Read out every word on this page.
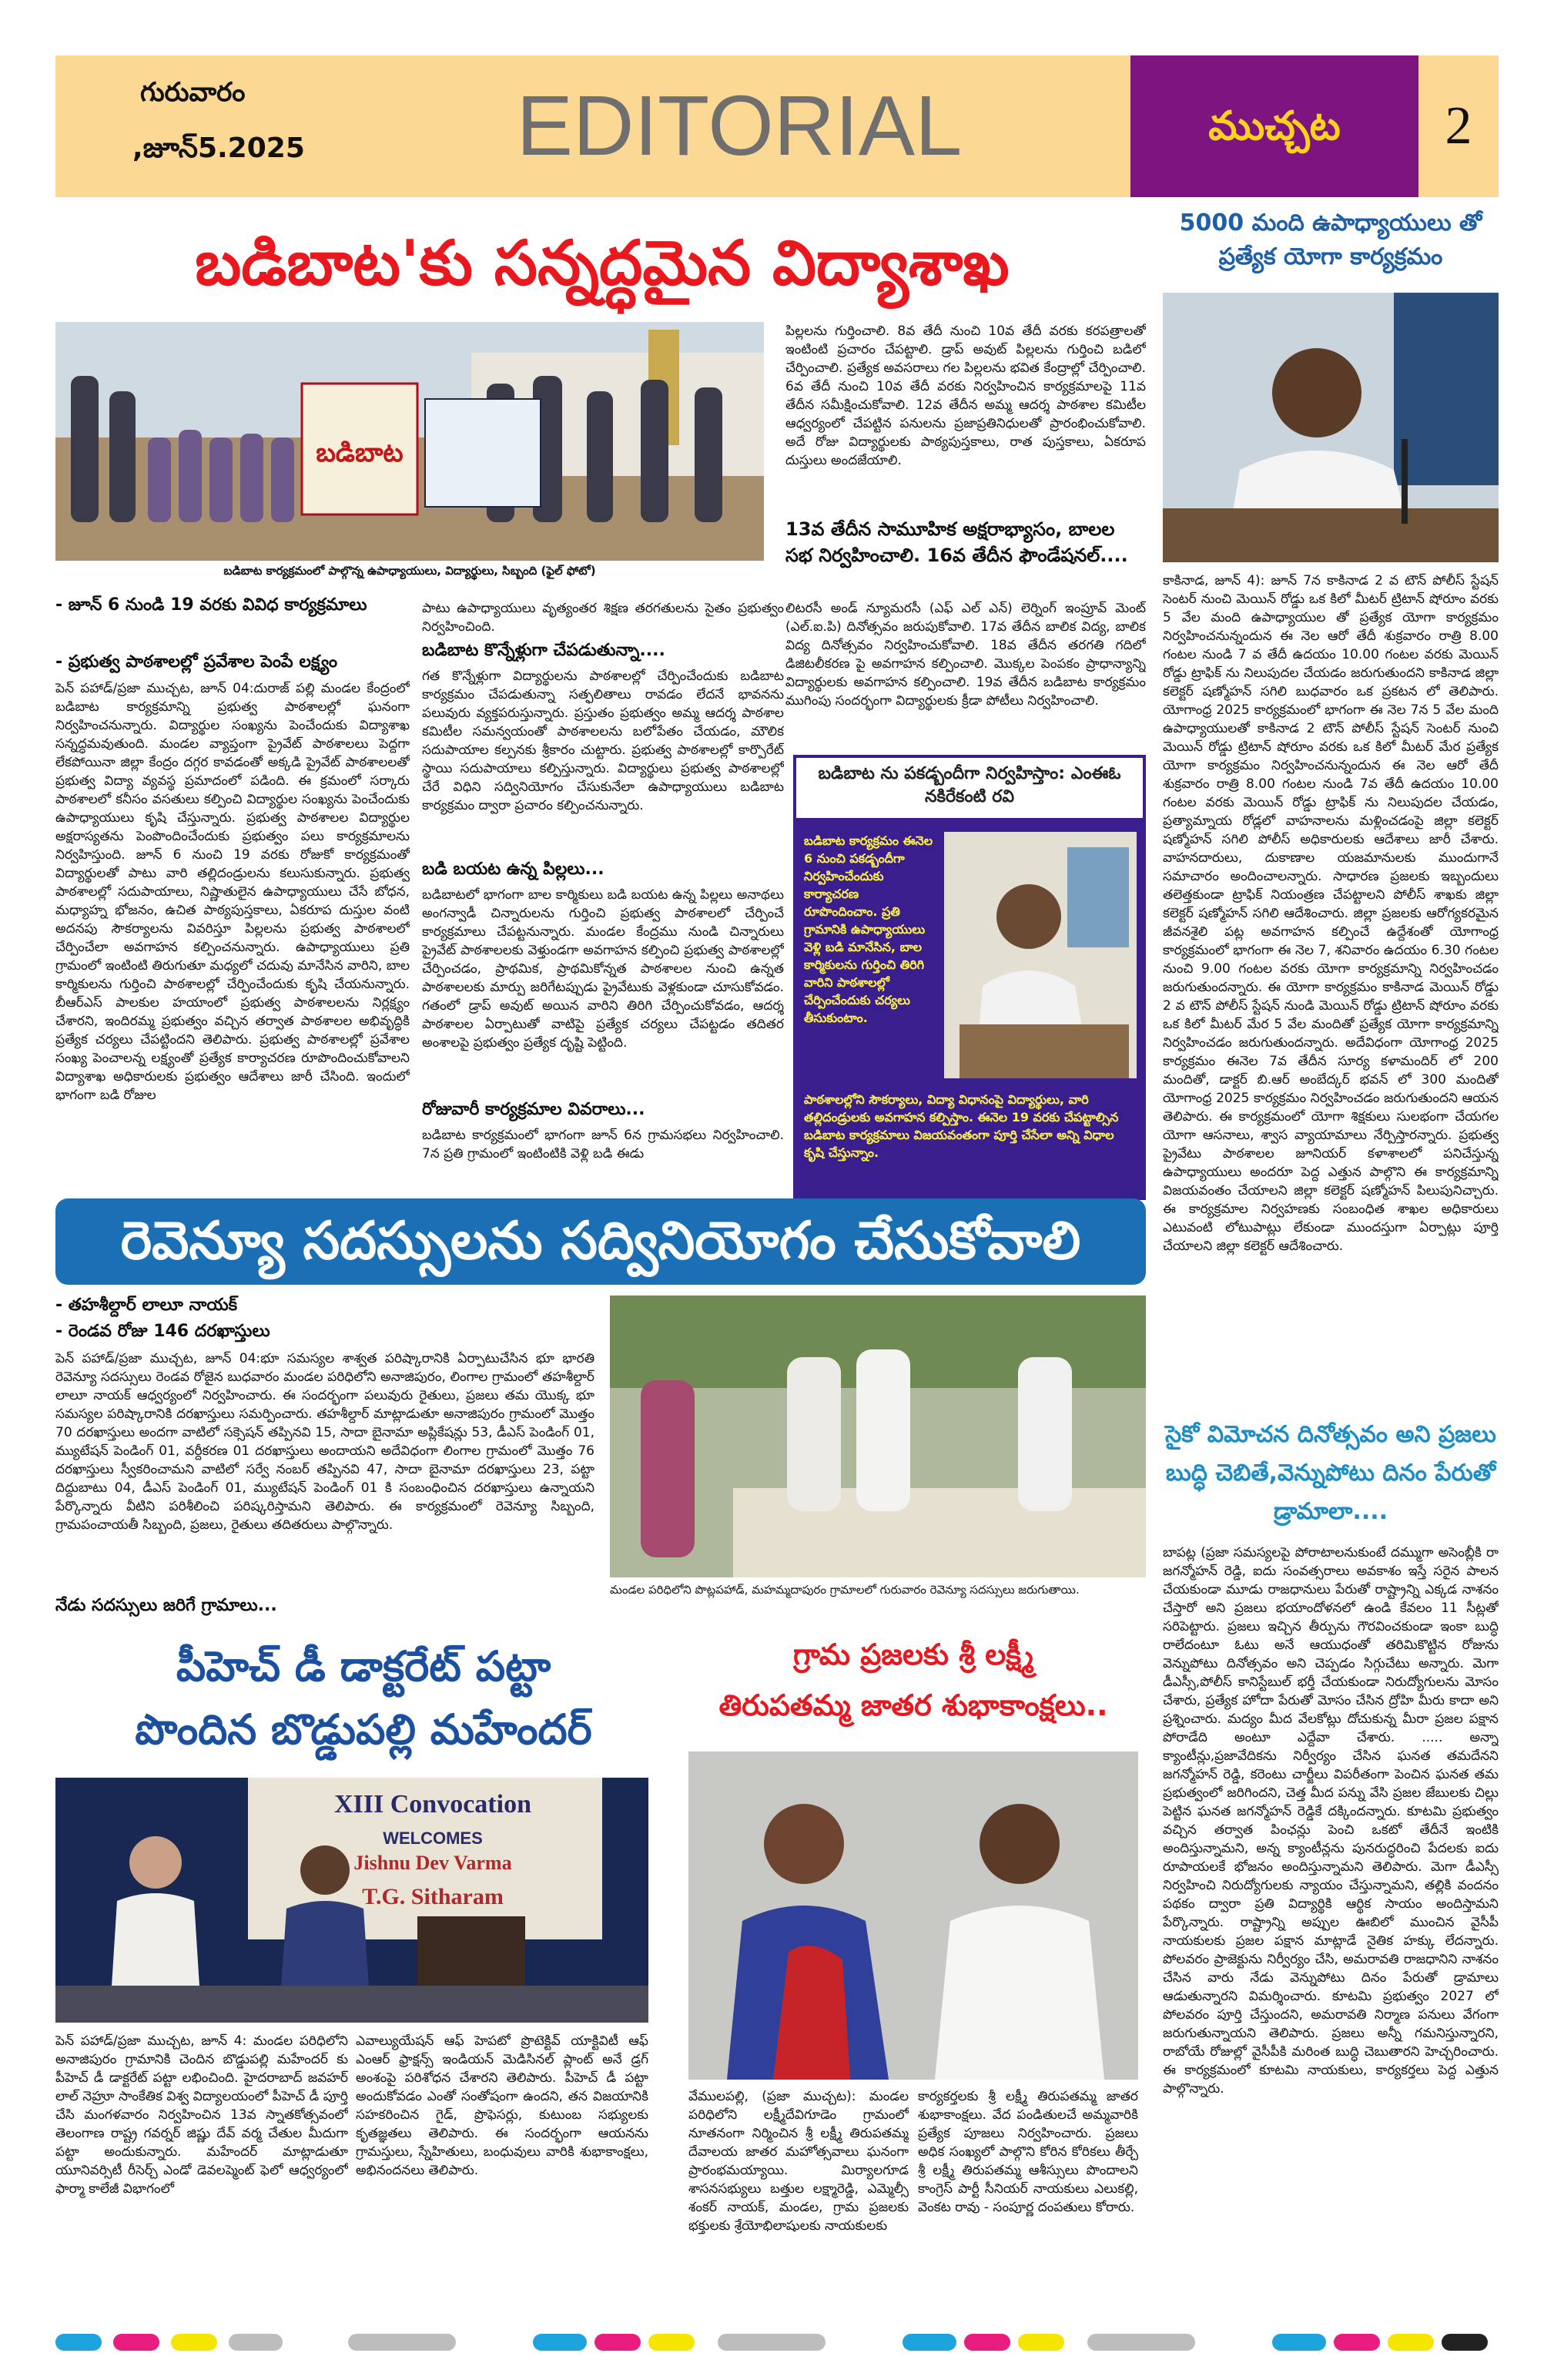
గురువారం
,జూన్5.2025	EDITORIAL	ముచ్చట	2
బడిబాట'కు సన్నద్ధమైన విద్యాశాఖ
బడిబాట
బడిబాట కార్యక్రమంలో పాల్గొన్న ఉపాధ్యాయులు, విద్యార్థులు, సిబ్బంది (ఫైల్ ఫోటో)
పిల్లలను గుర్తించాలి. 8వ తేదీ నుంచి 10వ తేదీ వరకు కరపత్రాలతో ఇంటింటి ప్రచారం చేపట్టాలి. డ్రాప్ అవుట్ పిల్లలను గుర్తించి బడిలో చేర్పించాలి. ప్రత్యేక అవసరాలు గల పిల్లలను భవిత కేంద్రాల్లో చేర్పించాలి. 6వ తేదీ నుంచి 10వ తేదీ వరకు నిర్వహించిన కార్యక్రమాలపై 11వ తేదీన సమీక్షించుకోవాలి. 12వ తేదీన అమ్మ ఆదర్శ పాఠశాల కమిటీల ఆధ్వర్యంలో చేపట్టిన పనులను ప్రజాప్రతినిధులతో ప్రారంభించుకోవాలి. అదే రోజు విద్యార్థులకు పాఠ్యపుస్తకాలు, రాత పుస్తకాలు, ఏకరూప దుస్తులు అందజేయాలి.
13వ తేదీన సామూహిక అక్షరాభ్యాసం, బాలల సభ నిర్వహించాలి. 16వ తేదీన ఫౌండేషనల్....
లిటరసీ అండ్ న్యూమరసీ (ఎఫ్ ఎల్ ఎన్) లెర్నింగ్ ఇంప్రూవ్ మెంట్ (ఎల్.ఐ.పి) దినోత్సవం జరుపుకోవాలి. 17వ తేదీన బాలిక విద్య, బాలిక విద్య దినోత్సవం నిర్వహించుకోవాలి. 18వ తేదీన తరగతి గదిలో డిజిటలీకరణ పై అవగాహన కల్పించాలి. మొక్కల పెంపకం ప్రాధాన్యాన్ని విద్యార్థులకు అవగాహన కల్పించాలి. 19వ తేదీన బడిబాట కార్యక్రమం ముగింపు సందర్భంగా విద్యార్థులకు క్రీడా పోటీలు నిర్వహించాలి.
- జూన్ 6 నుండి 19 వరకు వివిధ కార్యక్రమాలు
- ప్రభుత్వ పాఠశాలల్లో ప్రవేశాల పెంపే లక్ష్యం
పెన్ పహాడ్/ప్రజా ముచ్చట, జూన్ 04:దురాజ్ పల్లి మండల కేంద్రంలో బడిబాట కార్యక్రమాన్ని ప్రభుత్వ పాఠశాలల్లో ఘనంగా నిర్వహించనున్నారు. విద్యార్థుల సంఖ్యను పెంచేందుకు విద్యాశాఖ సన్నద్ధమవుతుంది. మండల వ్యాప్తంగా ప్రైవేట్ పాఠశాలలు పెద్దగా లేకపోయినా జిల్లా కేంద్రం దగ్గర కావడంతో అక్కడి ప్రైవేట్ పాఠశాలలతో ప్రభుత్వ విద్యా వ్యవస్థ ప్రమాదంలో పడింది. ఈ క్రమంలో సర్కారు పాఠశాలలో కనీసం వసతులు కల్పించి విద్యార్థుల సంఖ్యను పెంచేందుకు ఉపాధ్యాయులు కృషి చేస్తున్నారు. ప్రభుత్వ పాఠశాలల విద్యార్థుల అక్షరాస్యతను పెంపొందించేందుకు ప్రభుత్వం పలు కార్యక్రమాలను నిర్వహిస్తుంది. జూన్ 6 నుంచి 19 వరకు రోజుకో కార్యక్రమంతో విద్యార్థులతో పాటు వారి తల్లిదండ్రులను కలుసుకున్నారు. ప్రభుత్వ పాఠశాలల్లో సదుపాయాలు, నిష్ణాతులైన ఉపాధ్యాయులు చేసే బోధన, మధ్యాహ్న భోజనం, ఉచిత పాఠ్యపుస్తకాలు, ఏకరూప దుస్తుల వంటి అదనపు సౌకర్యాలను వివరిస్తూ పిల్లలను ప్రభుత్వ పాఠశాలలో చేర్పించేలా అవగాహన కల్పించనున్నారు. ఉపాధ్యాయులు ప్రతి గ్రామంలో ఇంటింటి తిరుగుతూ మధ్యలో చదువు మానేసిన వారిని, బాల కార్మికులను గుర్తించి పాఠశాలల్లో చేర్పించేందుకు కృషి చేయనున్నారు. బీఆర్ఎస్ పాలకుల హయాంలో ప్రభుత్వ పాఠశాలలను నిర్లక్ష్యం చేశారని, ఇందిరమ్మ ప్రభుత్వం వచ్చిన తర్వాత పాఠశాలల అభివృద్ధికి ప్రత్యేక చర్యలు చేపట్టిందని తెలిపారు. ప్రభుత్వ పాఠశాలల్లో ప్రవేశాల సంఖ్య పెంచాలన్న లక్ష్యంతో ప్రత్యేక కార్యాచరణ రూపొందించుకోవాలని విద్యాశాఖ అధికారులకు ప్రభుత్వం ఆదేశాలు జారీ చేసింది. ఇందులో భాగంగా బడి రోజుల
పాటు ఉపాధ్యాయులు వృత్యంతర శిక్షణ తరగతులను సైతం ప్రభుత్వం నిర్వహించింది.
బడిబాట కొన్నేళ్లుగా చేపడుతున్నా....
గత కొన్నేళ్లుగా విద్యార్థులను పాఠశాలల్లో చేర్పించేందుకు బడిబాట కార్యక్రమం చేపడుతున్నా సత్ఫలితాలు రావడం లేదనే భావనను పలువురు వ్యక్తపరుస్తున్నారు. ప్రస్తుతం ప్రభుత్వం అమ్మ ఆదర్శ పాఠశాల కమిటీల సమన్వయంతో పాఠశాలలను బలోపేతం చేయడం, మౌలిక సదుపాయాల కల్పనకు శ్రీకారం చుట్టారు. ప్రభుత్వ పాఠశాలల్లో కార్పొరేట్ స్థాయి సదుపాయాలు కల్పిస్తున్నారు. విద్యార్థులు ప్రభుత్వ పాఠశాలల్లో చేరే విధిని సద్వినియోగం చేసుకునేలా ఉపాధ్యాయులు బడిబాట కార్యక్రమం ద్వారా ప్రచారం కల్పించనున్నారు.
బడి బయట ఉన్న పిల్లలు...
బడిబాటలో భాగంగా బాల కార్మికులు బడి బయట ఉన్న పిల్లలు అనాథలు అంగన్వాడీ చిన్నారులను గుర్తించి ప్రభుత్వ పాఠశాలలో చేర్పించే కార్యక్రమాలు చేపట్టనున్నారు. మండల కేంద్రము నుండి చిన్నారులు ప్రైవేట్ పాఠశాలలకు వెళ్తుండగా అవగాహన కల్పించి ప్రభుత్వ పాఠశాలల్లో చేర్పించడం, ప్రాథమిక, ప్రాథమికోన్నత పాఠశాలల నుంచి ఉన్నత పాఠశాలలకు మార్పు జరిగేటప్పుడు ప్రైవేటుకు వెళ్లకుండా చూసుకోవడం. గతంలో డ్రాప్ అవుట్ అయిన వారిని తిరిగి చేర్పించుకోవడం, ఆదర్శ పాఠశాలల ఏర్పాటుతో వాటిపై ప్రత్యేక చర్యలు చేపట్టడం తదితర అంశాలపై ప్రభుత్వం ప్రత్యేక దృష్టి పెట్టింది.
రోజువారీ కార్యక్రమాల వివరాలు...
బడిబాట కార్యక్రమంలో భాగంగా జూన్ 6న గ్రామసభలు నిర్వహించాలి. 7న ప్రతి గ్రామంలో ఇంటింటికి వెళ్లి బడి ఈడు
బడిబాట ను పకడ్బందీగా నిర్వహిస్తాం: ఎంఈఓ నకిరేకంటి రవి
బడిబాట కార్యక్రమం ఈనెల 6 నుంచి పకడ్బందీగా నిర్వహించేందుకు కార్యాచరణ రూపొందించాం. ప్రతి గ్రామానికి ఉపాధ్యాయులు వెళ్లి బడి మానేసిన, బాల కార్మికులను గుర్తించి తిరిగి వారిని పాఠశాలల్లో చేర్పించేందుకు చర్యలు తీసుకుంటాం.
పాఠశాలల్లోని సౌకర్యాలు, విద్యా విధానంపై విద్యార్థులు, వారి తల్లిదండ్రులకు అవగాహన కల్పిస్తాం. ఈనెల 19 వరకు చేపట్టాల్సిన బడిబాట కార్యక్రమాలు విజయవంతంగా పూర్తి చేసేలా అన్ని విధాల కృషి చేస్తున్నాం.
5000 మంది ఉపాధ్యాయులు తో ప్రత్యేక యోగా కార్యక్రమం
కాకినాడ, జూన్ 4): జూన్ 7న కాకినాడ 2 వ టౌన్ పోలీస్ స్టేషన్ సెంటర్ నుంచి మెయిన్ రోడ్డు ఒక కిలో మీటర్ ట్రిటాన్ షోరూం వరకు 5 వేల మంది ఉపాధ్యాయుల తో ప్రత్యేక యోగా కార్యక్రమం నిర్వహించనున్నందున ఈ నెల ఆరో తేదీ శుక్రవారం రాత్రి 8.00 గంటల నుండి 7 వ తేదీ ఉదయం 10.00 గంటల వరకు మెయిన్ రోడ్డు ట్రాఫిక్ ను నిలుపుదల చేయడం జరుగుతుందని కాకినాడ జిల్లా కలెక్టర్ షణ్మోహన్ సగిలి బుధవారం ఒక ప్రకటన లో తెలిపారు. యోగాంధ్ర 2025 కార్యక్రమంలో భాగంగా ఈ నెల 7న 5 వేల మంది ఉపాధ్యాయులతో కాకినాడ 2 టౌన్ పోలీస్ స్టేషన్ సెంటర్ నుంచి మెయిన్ రోడ్డు ట్రిటాన్ షోరూం వరకు ఒక కిలో మీటర్ మేర ప్రత్యేక యోగా కార్యక్రమం నిర్వహించనున్నందున ఈ నెల ఆరో తేదీ శుక్రవారం రాత్రి 8.00 గంటల నుండి 7వ తేదీ ఉదయం 10.00 గంటల వరకు మెయిన్ రోడ్డు ట్రాఫిక్ ను నిలుపుదల చేయడం, ప్రత్యామ్నాయ రోడ్లలో వాహనాలను మళ్లించడంపై జిల్లా కలెక్టర్ షణ్మోహన్ సగిలి పోలీస్ అధికారులకు ఆదేశాలు జారీ చేశారు. వాహనదారులు, దుకాణాల యజమానులకు ముందుగానే సమాచారం అందించాలన్నారు. సాధారణ ప్రజలకు ఇబ్బందులు తలెత్తకుండా ట్రాఫిక్ నియంత్రణ చేపట్టాలని పోలీస్ శాఖకు జిల్లా కలెక్టర్ షణ్మోహన్ సగిలి ఆదేశించారు. జిల్లా ప్రజలకు ఆరోగ్యకరమైన జీవనశైలి పట్ల అవగాహన కల్పించే ఉద్దేశంతో యోగాంధ్ర కార్యక్రమంలో భాగంగా ఈ నెల 7, శనివారం ఉదయం 6.30 గంటల నుంచి 9.00 గంటల వరకు యోగా కార్యక్రమాన్ని నిర్వహించడం జరుగుతుందన్నారు. ఈ యోగా కార్యక్రమం కాకినాడ మెయిన్ రోడ్డు 2 వ టౌన్ పోలీస్ స్టేషన్ నుండి మెయిన్ రోడ్డు ట్రిటాన్ షోరూం వరకు ఒక కిలో మీటర్ మేర 5 వేల మందితో ప్రత్యేక యోగా కార్యక్రమాన్ని నిర్వహించడం జరుగుతుందన్నారు. అదేవిధంగా యోగాంధ్ర 2025 కార్యక్రమం ఈనెల 7వ తేదీన సూర్య కళామందిర్ లో 200 మందితో, డాక్టర్ బి.ఆర్ అంబేద్కర్ భవన్ లో 300 మందితో యోగాంధ్ర 2025 కార్యక్రమం నిర్వహించడం జరుగుతుందని ఆయన తెలిపారు. ఈ కార్యక్రమంలో యోగా శిక్షకులు సులభంగా చేయగల యోగా ఆసనాలు, శ్వాస వ్యాయామాలు నేర్పిస్తారన్నారు. ప్రభుత్వ ప్రైవేటు పాఠశాలల జూనియర్ కళాశాలలో పనిచేస్తున్న ఉపాధ్యాయులు అందరూ పెద్ద ఎత్తున పాల్గొని ఈ కార్యక్రమాన్ని విజయవంతం చేయాలని జిల్లా కలెక్టర్ షణ్మోహన్ పిలుపునిచ్చారు. ఈ కార్యక్రమాల నిర్వహణకు సంబంధిత శాఖల అధికారులు ఎటువంటి లోటుపాట్లు లేకుండా ముందస్తుగా ఏర్పాట్లు పూర్తి చేయాలని జిల్లా కలెక్టర్ ఆదేశించారు.
రెవెన్యూ సదస్సులను సద్వినియోగం చేసుకోవాలి
- తహశీల్దార్ లాలూ నాయక్
- రెండవ రోజు 146 దరఖాస్తులు
పెన్ పహాడ్/ప్రజా ముచ్చట, జూన్ 04:భూ సమస్యల శాశ్వత పరిష్కారానికి ఏర్పాటుచేసిన భూ భారతి రెవెన్యూ సదస్సులు రెండవ రోజైన బుధవారం మండల పరిధిలోని అనాజిపురం, లింగాల గ్రామంలో తహశీల్దార్ లాలూ నాయక్ ఆధ్వర్యంలో నిర్వహించారు. ఈ సందర్భంగా పలువురు రైతులు, ప్రజలు తమ యొక్క భూ సమస్యల పరిష్కారానికి దరఖాస్తులు సమర్పించారు. తహశీల్దార్ మాట్లాడుతూ అనాజిపురం గ్రామంలో మొత్తం 70 దరఖాస్తులు అందగా వాటిలో సక్సెషన్ తప్పినవి 15, సాదా బైనామా అప్లికేషన్లు 53, డీఎస్ పెండింగ్ 01, మ్యుటేషన్ పెండింగ్ 01, వర్దీకరణ 01 దరఖాస్తులు అందాయని అదేవిధంగా లింగాల గ్రామంలో మొత్తం 76 దరఖాస్తులు స్వీకరించామని వాటిలో సర్వే నంబర్ తప్పినవి 47, సాదా బైనామా దరఖాస్తులు 23, పట్టా దిద్దుబాటు 04, డీఎస్ పెండింగ్ 01, మ్యుటేషన్ పెండింగ్ 01 కి సంబంధించిన దరఖాస్తులు ఉన్నాయని పేర్కొన్నారు వీటిని పరిశీలించి పరిష్కరిస్తామని తెలిపారు. ఈ కార్యక్రమంలో రెవెన్యూ సిబ్బంది, గ్రామపంచాయతీ సిబ్బంది, ప్రజలు, రైతులు తదితరులు పాల్గొన్నారు.
నేడు సదస్సులు జరిగే గ్రామాలు...
మండల పరిధిలోని పొట్లపహాడ్, మహమ్మదాపురం గ్రామాలలో గురువారం రెవెన్యూ సదస్సులు జరుగుతాయి.
సైకో విమోచన దినోత్సవం అని ప్రజలు బుద్ధి చెబితే,వెన్నుపోటు దినం పేరుతో డ్రామాలా....
బాపట్ల (ప్రజా సమస్యలపై పోరాటాలనుకుంటే దమ్ముగా అసెంబ్లీకి రా జగన్మోహన్ రెడ్డి, ఐదు సంవత్సరాలు అవకాశం ఇస్తే సరైన పాలన చేయకుండా మూడు రాజధానులు పేరుతో రాష్ట్రాన్ని ఎక్కడ నాశనం చేస్తారో అని ప్రజలు భయాందోళనలో ఉండి కేవలం 11 సీట్లతో సరిపెట్టారు. ప్రజలు ఇచ్చిన తీర్పును గౌరవించకుండా ఇంకా బుద్ధి రాలేదంటూ ఓటు అనే ఆయుధంతో తరిమికొట్టిన రోజును వెన్నుపోటు దినోత్సవం అని చెప్పడం సిగ్గుచేటు అన్నారు. మెగా డీఎస్సీ,పోలీస్ కానిస్టేబుల్ భర్తీ చేయకుండా నిరుద్యోగులను మోసం చేశారు, ప్రత్యేక హోదా పేరుతో మోసం చేసిన ద్రోహి మీరు కాదా అని ప్రశ్నించారు. మద్యం మీద వేలకోట్లు దోచుకున్న మీరా ప్రజల పక్షాన పోరాడేది అంటూ ఎద్దేవా చేశారు. ..... అన్నా క్యాంటీన్లు,ప్రజావేదికను నిర్వీర్యం చేసిన ఘనత తమదేనని జగన్మోహన్ రెడ్డి, కరెంటు చార్జీలు విపరీతంగా పెంచిన ఘనత తమ ప్రభుత్వంలో జరిగిందని, చెత్త మీద పన్ను వేసి ప్రజల జేబులకు చిల్లు పెట్టిన ఘనత జగన్మోహన్ రెడ్డికే దక్కిందన్నారు. కూటమి ప్రభుత్వం వచ్చిన తర్వాత పింఛన్లు పెంచి ఒకటో తేదీనే ఇంటికి అందిస్తున్నామని, అన్న క్యాంటీన్లను పునరుద్ధరించి పేదలకు ఐదు రూపాయలకే భోజనం అందిస్తున్నామని తెలిపారు. మెగా డీఎస్సీ నిర్వహించి నిరుద్యోగులకు న్యాయం చేస్తున్నామని, తల్లికి వందనం పథకం ద్వారా ప్రతి విద్యార్థికి ఆర్థిక సాయం అందిస్తామని పేర్కొన్నారు. రాష్ట్రాన్ని అప్పుల ఊబిలో ముంచిన వైసీపీ నాయకులకు ప్రజల పక్షాన మాట్లాడే నైతిక హక్కు లేదన్నారు. పోలవరం ప్రాజెక్టును నిర్వీర్యం చేసి, అమరావతి రాజధానిని నాశనం చేసిన వారు నేడు వెన్నుపోటు దినం పేరుతో డ్రామాలు ఆడుతున్నారని విమర్శించారు. కూటమి ప్రభుత్వం 2027 లో పోలవరం పూర్తి చేస్తుందని, అమరావతి నిర్మాణ పనులు వేగంగా జరుగుతున్నాయని తెలిపారు. ప్రజలు అన్నీ గమనిస్తున్నారని, రాబోయే రోజుల్లో వైసీపీకి మరింత బుద్ధి చెబుతారని హెచ్చరించారు. ఈ కార్యక్రమంలో కూటమి నాయకులు, కార్యకర్తలు పెద్ద ఎత్తున పాల్గొన్నారు.
పీహెచ్ డీ డాక్టరేట్ పట్టా
పొందిన బొడ్డుపల్లి మహేందర్
XIII Convocation
WELCOMES
Jishnu Dev Varma
T.G. Sitharam
పెన్ పహాడ్/ప్రజా ముచ్చట, జూన్ 4: మండల పరిధిలోని అనాజిపురం గ్రామానికి చెందిన బొడ్డుపల్లి మహేందర్ కు పీహెచ్ డీ డాక్టరేట్ పట్టా లభించింది. హైదరాబాద్ జవహర్ లాల్ నెహ్రూ సాంకేతిక విశ్వ విద్యాలయంలో పీహెచ్ డీ పూర్తి చేసి మంగళవారం నిర్వహించిన 13వ స్నాతకోత్సవంలో తెలంగాణ రాష్ట్ర గవర్నర్ జిష్ణు దేవ్ వర్మ చేతుల మీదుగా పట్టా అందుకున్నారు. మహేందర్ మాట్లాడుతూ యూనివర్సిటీ రీసెర్చ్ ఎండో డెవలప్మెంట్ ఫెలో ఆధ్వర్యంలో ఫార్మా కాలేజీ విభాగంలో
ఎవాల్యుయేషన్ ఆఫ్ హెపటో ప్రొటెక్టివ్ యాక్టివిటీ ఆఫ్ ఎంఆర్ ఫ్రాక్షన్స్ ఇండియన్ మెడిసినల్ ప్లాంట్ అనే డ్రగ్ అంశంపై పరిశోధన చేశారని తెలిపారు. పీహెచ్ డీ పట్టా అందుకోవడం ఎంతో సంతోషంగా ఉందని, తన విజయానికి సహకరించిన గైడ్, ప్రొఫెసర్లు, కుటుంబ సభ్యులకు కృతజ్ఞతలు తెలిపారు. ఈ సందర్భంగా ఆయనను గ్రామస్తులు, స్నేహితులు, బంధువులు వారికి శుభాకాంక్షలు, అభినందనలు తెలిపారు.
గ్రామ ప్రజలకు శ్రీ లక్ష్మీ
తిరుపతమ్మ జాతర శుభాకాంక్షలు..
వేములపల్లి, (ప్రజా ముచ్చట): మండల పరిధిలోని లక్ష్మీదేవిగూడెం గ్రామంలో నూతనంగా నిర్మించిన శ్రీ లక్ష్మీ తిరుపతమ్మ దేవాలయ జాతర మహోత్సవాలు ఘనంగా ప్రారంభమయ్యాయి. మిర్యాలగూడ శాసనసభ్యులు బత్తుల లక్ష్మారెడ్డి, ఎమ్మెల్సీ శంకర్ నాయక్, మండల, గ్రామ ప్రజలకు భక్తులకు శ్రేయోభిలాషులకు నాయకులకు
కార్యకర్తలకు శ్రీ లక్ష్మీ తిరుపతమ్మ జాతర శుభాకాంక్షలు. వేద పండితులచే అమ్మవారికి ప్రత్యేక పూజలు నిర్వహించారు. ప్రజలు అధిక సంఖ్యలో పాల్గొని కోరిన కోరికలు తీర్చే శ్రీ లక్ష్మీ తిరుపతమ్మ ఆశీస్సులు పొందాలని కాంగ్రెస్ పార్టీ సీనియర్ నాయకులు ఎలుకల్లి, వెంకట రావు - సంపూర్ణ దంపతులు కోరారు.
